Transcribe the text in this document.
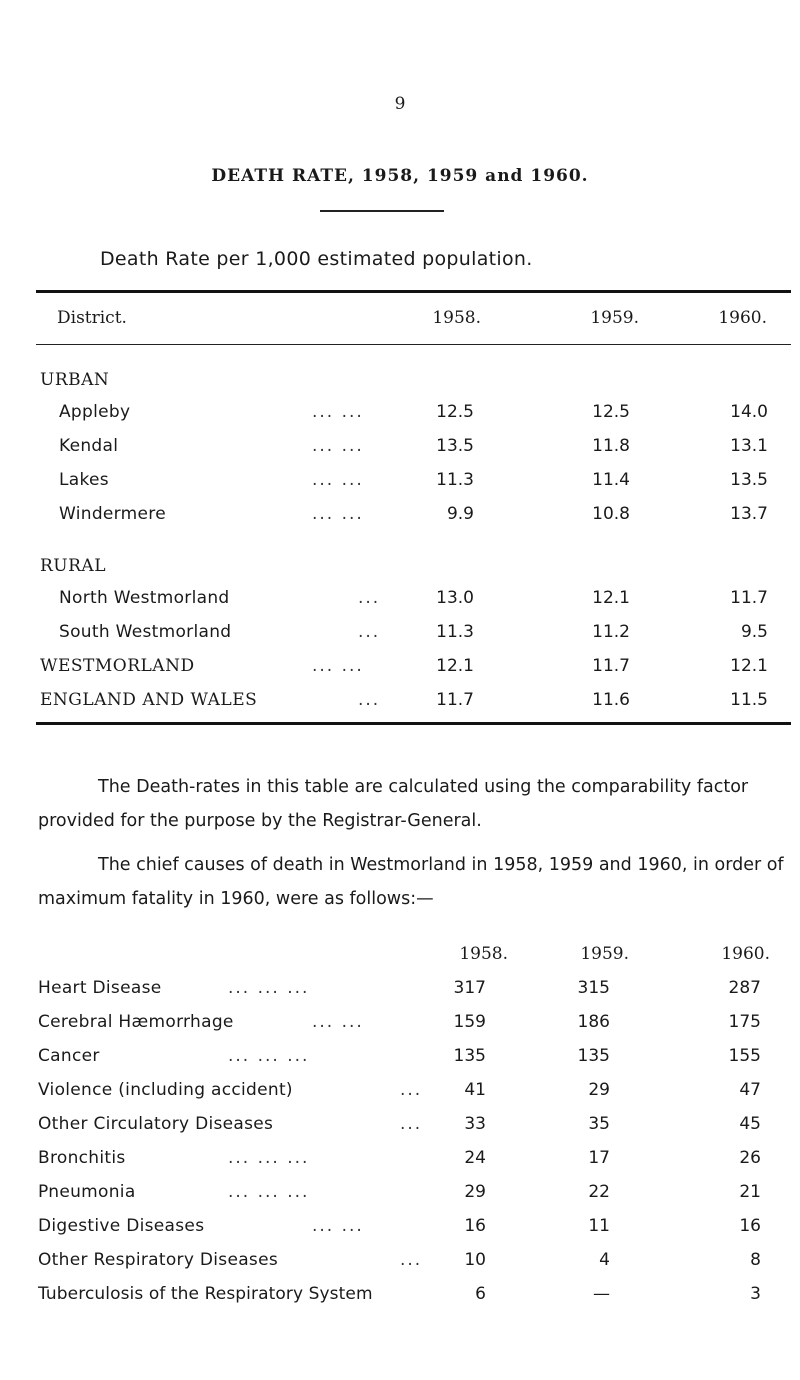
9
DEATH RATE, 1958, 1959 and 1960.
Death Rate per 1,000 estimated population.
District.	1958.	1959.	1960.
URBAN
Appleby	... ...	12.5	12.5	14.0
Kendal	... ...	13.5	11.8	13.1
Lakes	... ...	11.3	11.4	13.5
Windermere	... ...	9.9	10.8	13.7
RURAL
North Westmorland	...	13.0	12.1	11.7
South Westmorland	...	11.3	11.2	9.5
WESTMORLAND	... ...	12.1	11.7	12.1
ENGLAND AND WALES	...	11.7	11.6	11.5

The Death-rates in this table are calculated using the comparability factor provided for the purpose by the Registrar-General.

The chief causes of death in Westmorland in 1958, 1959 and 1960, in order of maximum fatality in 1960, were as follows:—

1958.	1959.	1960.
Heart Disease	... ... ...	317	315	287
Cerebral Hæmorrhage	... ...	159	186	175
Cancer	... ... ...	135	135	155
Violence (including accident)	...	41	29	47
Other Circulatory Diseases	...	33	35	45
Bronchitis	... ... ...	24	17	26
Pneumonia	... ... ...	29	22	21
Digestive Diseases	... ...	16	11	16
Other Respiratory Diseases	...	10	4	8
Tuberculosis of the Respiratory System	6	—	3
